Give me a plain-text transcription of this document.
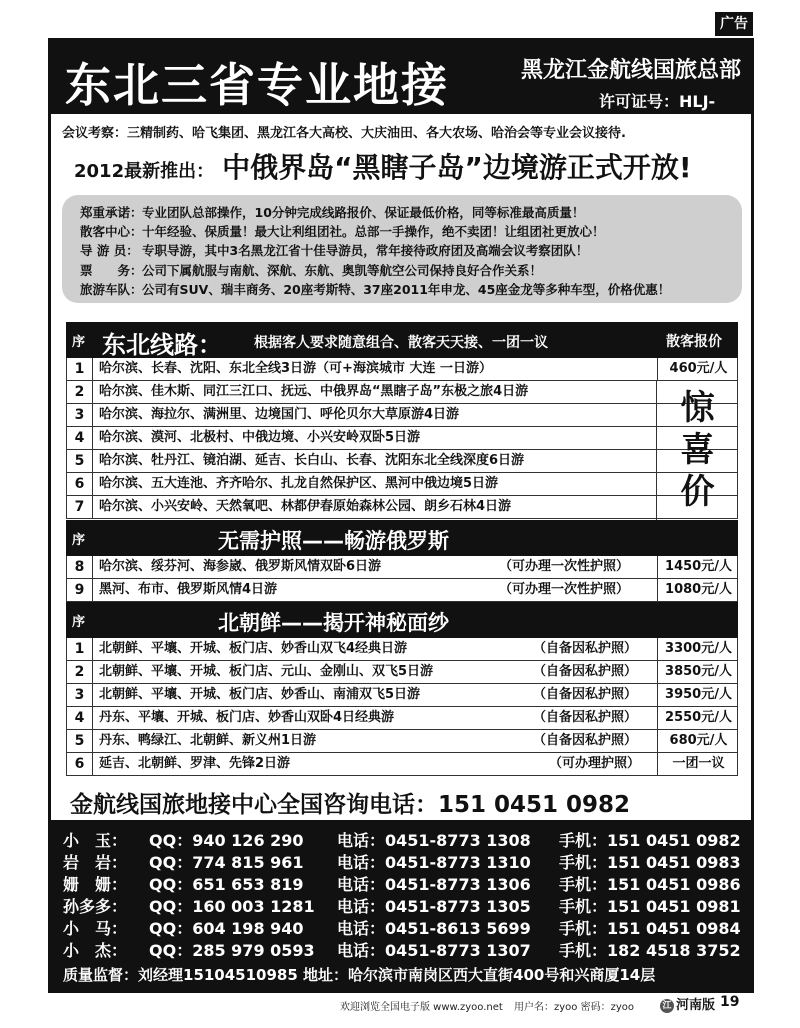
广告
东北三省专业地接	黑龙江金航线国旅总部
许可证号：HLJ-01279
会议考察：三精制药、哈飞集团、黑龙江各大高校、大庆油田、各大农场、哈治会等专业会议接待.
2012最新推出： 中俄界岛“黑瞎子岛”边境游正式开放!
郑重承诺：专业团队总部操作，10分钟完成线路报价、保证最低价格，同等标准最高质量！
散客中心：十年经验、保质量！最大让利组团社。总部一手操作，绝不卖团！让组团社更放心！
导 游 员： 专职导游，其中3名黑龙江省十佳导游员，常年接待政府团及高端会议考察团队！
票　　务：公司下属航服与南航、深航、东航、奥凯等航空公司保持良好合作关系！
旅游车队：公司有SUV、瑞丰商务、20座考斯特、37座2011年申龙、45座金龙等多种车型，价格优惠！
序 东北线路： 根据客人要求随意组合、散客天天接、一团一议	散客报价
1	哈尔滨、长春、沈阳、东北全线3日游（可+海滨城市 大连 一日游）	460元/人
2	哈尔滨、佳木斯、同江三江口、抚远、中俄界岛“黑瞎子岛”东极之旅4日游
3	哈尔滨、海拉尔、满洲里、边境国门、呼伦贝尔大草原游4日游
4	哈尔滨、漠河、北极村、中俄边境、小兴安岭双卧5日游
5	哈尔滨、牡丹江、镜泊湖、延吉、长白山、长春、沈阳东北全线深度6日游
6	哈尔滨、五大连池、齐齐哈尔、扎龙自然保护区、黑河中俄边境5日游
7	哈尔滨、小兴安岭、天然氧吧、林都伊春原始森林公园、朗乡石林4日游
惊
喜
价
序	无需护照——畅游俄罗斯
8	哈尔滨、绥芬河、海参崴、俄罗斯风情双卧6日游	（可办理一次性护照）	1450元/人
9	黑河、布市、俄罗斯风情4日游	（可办理一次性护照）	1080元/人
序	北朝鲜——揭开神秘面纱
1	北朝鲜、平壤、开城、板门店、妙香山双飞4经典日游	（自备因私护照）	3300元/人
2	北朝鲜、平壤、开城、板门店、元山、金刚山、双飞5日游	（自备因私护照）	3850元/人
3	北朝鲜、平壤、开城、板门店、妙香山、南浦双飞5日游	（自备因私护照）	3950元/人
4	丹东、平壤、开城、板门店、妙香山双卧4日经典游	（自备因私护照）	2550元/人
5	丹东、鸭绿江、北朝鲜、新义州1日游	（自备因私护照）	680元/人
6	延吉、北朝鲜、罗津、先锋2日游	（可办理护照）	一团一议
金航线国旅地接中心全国咨询电话：151 0451 0982
小　玉： QQ：940 126 290 电话：0451-8773 1308 手机：151 0451 0982
岩　岩： QQ：774 815 961 电话：0451-8773 1310 手机：151 0451 0983
姗　姗： QQ：651 653 819 电话：0451-8773 1306 手机：151 0451 0986
孙多多： QQ：160 003 1281 电话：0451-8773 1305 手机：151 0451 0981
小　马： QQ：604 198 940 电话：0451-8613 5699 手机：151 0451 0984
小　杰： QQ：285 979 0593 电话：0451-8773 1307 手机：182 4518 3752
质量监督：刘经理15104510985 地址：哈尔滨市南岗区西大直街400号和兴商厦14层
欢迎浏览全国电子版 www.zyoo.net 用户名：zyoo 密码：zyoo	江 河南版 19
